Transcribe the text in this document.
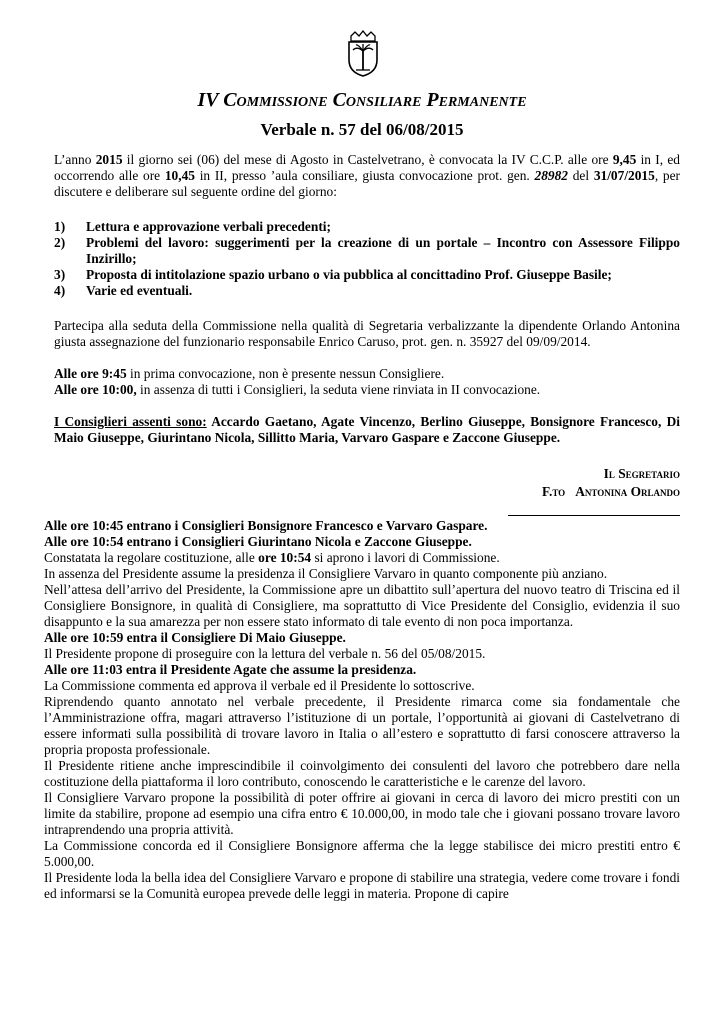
IV Commissione Consiliare Permanente
Verbale n. 57 del 06/08/2015

L’anno 2015 il giorno sei (06) del mese di Agosto in Castelvetrano, è convocata la IV C.C.P. alle ore 9,45 in I, ed occorrendo alle ore 10,45 in II, presso ’aula consiliare, giusta convocazione prot. gen. 28982 del 31/07/2015, per discutere e deliberare sul seguente ordine del giorno:

1) Lettura e approvazione verbali precedenti;
2) Problemi del lavoro: suggerimenti per la creazione di un portale – Incontro con Assessore Filippo Inzirillo;
3) Proposta di intitolazione spazio urbano o via pubblica al concittadino Prof. Giuseppe Basile;
4) Varie ed eventuali.

Partecipa alla seduta della Commissione nella qualità di Segretaria verbalizzante la dipendente Orlando Antonina giusta assegnazione del funzionario responsabile Enrico Caruso, prot. gen. n. 35927 del 09/09/2014.

Alle ore 9:45 in prima convocazione, non è presente nessun Consigliere.

Alle ore 10:00, in assenza di tutti i Consiglieri, la seduta viene rinviata in II convocazione.

I Consiglieri assenti sono: Accardo Gaetano, Agate Vincenzo, Berlino Giuseppe, Bonsignore Francesco, Di Maio Giuseppe, Giurintano Nicola, Sillitto Maria, Varvaro Gaspare e Zaccone Giuseppe.

Il Segretario
F.to Antonina Orlando

Alle ore 10:45 entrano i Consiglieri Bonsignore Francesco e Varvaro Gaspare.

Alle ore 10:54 entrano i Consiglieri Giurintano Nicola e Zaccone Giuseppe.

Constatata la regolare costituzione, alle ore 10:54 si aprono i lavori di Commissione.

In assenza del Presidente assume la presidenza il Consigliere Varvaro in quanto componente più anziano.

Nell’attesa dell’arrivo del Presidente, la Commissione apre un dibattito sull’apertura del nuovo teatro di Triscina ed il Consigliere Bonsignore, in qualità di Consigliere, ma soprattutto di Vice Presidente del Consiglio, evidenzia il suo disappunto e la sua amarezza per non essere stato informato di tale evento di non poca importanza.

Alle ore 10:59 entra il Consigliere Di Maio Giuseppe.

Il Presidente propone di proseguire con la lettura del verbale n. 56 del 05/08/2015.

Alle ore 11:03 entra il Presidente Agate che assume la presidenza.

La Commissione commenta ed approva il verbale ed il Presidente lo sottoscrive.

Riprendendo quanto annotato nel verbale precedente, il Presidente rimarca come sia fondamentale che l’Amministrazione offra, magari attraverso l’istituzione di un portale, l’opportunità ai giovani di Castelvetrano di essere informati sulla possibilità di trovare lavoro in Italia o all’estero e soprattutto di farsi conoscere attraverso la propria proposta professionale.

Il Presidente ritiene anche imprescindibile il coinvolgimento dei consulenti del lavoro che potrebbero dare nella costituzione della piattaforma il loro contributo, conoscendo le caratteristiche e le carenze del lavoro.

Il Consigliere Varvaro propone la possibilità di poter offrire ai giovani in cerca di lavoro dei micro prestiti con un limite da stabilire, propone ad esempio una cifra entro € 10.000,00, in modo tale che i giovani possano trovare lavoro intraprendendo una propria attività.

La Commissione concorda ed il Consigliere Bonsignore afferma che la legge stabilisce dei micro prestiti entro € 5.000,00.

Il Presidente loda la bella idea del Consigliere Varvaro e propone di stabilire una strategia, vedere come trovare i fondi ed informarsi se la Comunità europea prevede delle leggi in materia. Propone di capire
